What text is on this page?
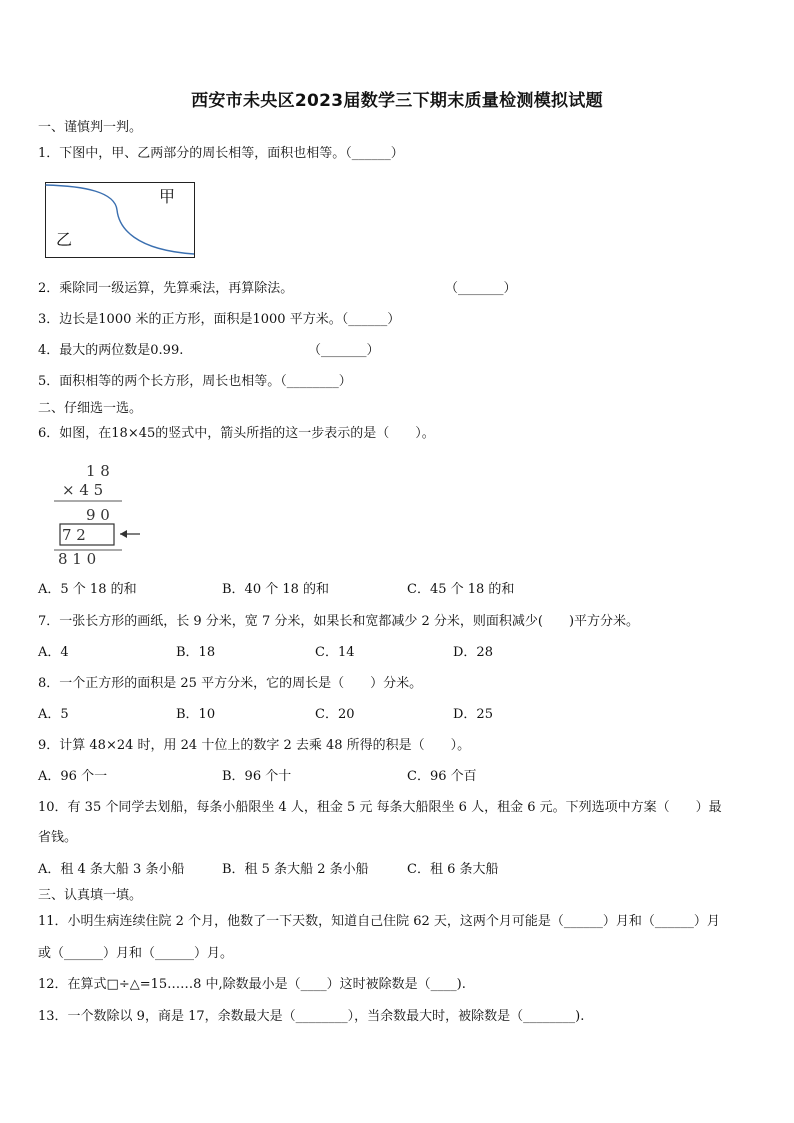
西安市未央区2023届数学三下期末质量检测模拟试题
一、谨慎判一判。
1．下图中，甲、乙两部分的周长相等，面积也相等。（______）
甲
乙
2．乘除同一级运算，先算乘法，再算除法。	（_______）
3．边长是1000 米的正方形，面积是1000 平方米。（______）
4．最大的两位数是0.99.	（_______）
5．面积相等的两个长方形，周长也相等。（________）
二、仔细选一选。
6．如图，在18×45的竖式中，箭头所指的这一步表示的是（　　）。
1 8
× 4 5
9 0
7 2
8 1 0
A．5 个 18 的和	B．40 个 18 的和	C．45 个 18 的和
7．一张长方形的画纸，长 9 分米，宽 7 分米，如果长和宽都减少 2 分米，则面积减少(　　)平方分米。
A．4	B．18	C．14	D．28
8．一个正方形的面积是 25 平方分米，它的周长是（　　）分米。
A．5	B．10	C．20	D．25
9．计算 48×24 时，用 24 十位上的数字 2 去乘 48 所得的积是（　　）。
A．96 个一	B．96 个十	C．96 个百
10．有 35 个同学去划船，每条小船限坐 4 人，租金 5 元 每条大船限坐 6 人，租金 6 元。下列选项中方案（　　）最
省钱。
A．租 4 条大船 3 条小船	B．租 5 条大船 2 条小船	C．租 6 条大船
三、认真填一填。
11．小明生病连续住院 2 个月，他数了一下天数，知道自己住院 62 天，这两个月可能是（______）月和（______）月
或（______）月和（______）月。
12．在算式□÷△=15……8 中,除数最小是（____）这时被除数是（____).
13．一个数除以 9，商是 17，余数最大是（________），当余数最大时，被除数是（________).
